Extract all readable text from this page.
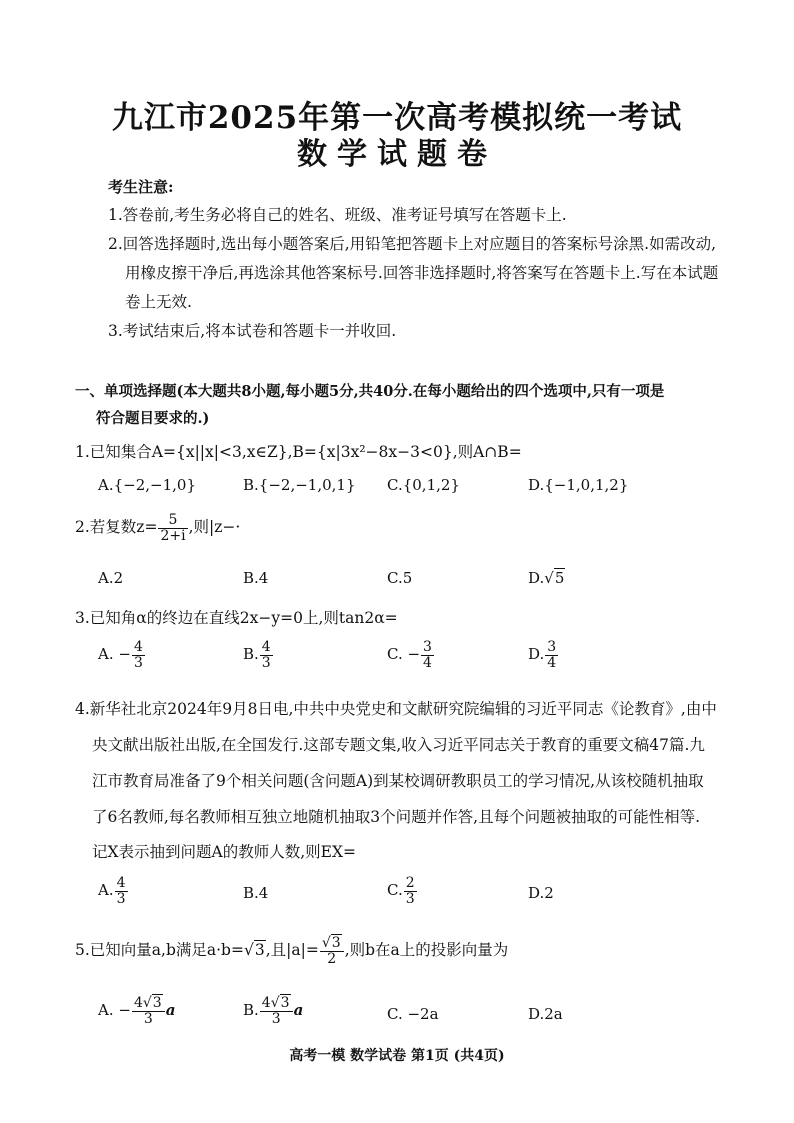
九江市2025年第一次高考模拟统一考试
数学试题卷
考生注意:
1.答卷前,考生务必将自己的姓名、班级、准考证号填写在答题卡上.
2.回答选择题时,选出每小题答案后,用铅笔把答题卡上对应题目的答案标号涂黑.如需改动,
用橡皮擦干净后,再选涂其他答案标号.回答非选择题时,将答案写在答题卡上.写在本试题
卷上无效.
3.考试结束后,将本试卷和答题卡一并收回.
一、单项选择题(本大题共8小题,每小题5分,共40分.在每小题给出的四个选项中,只有一项是
符合题目要求的.)
1.已知集合A={x||x|<3,x∈Z},B={x|3x²−8x−3<0},则A∩B=
A.{−2,−1,0}	B.{−2,−1,0,1} C.{0,1,2}	D.{−1,0,1,2}
2.若复数$z= \frac{5}{2+i}$ ,则|z−·
A.2	B.4	C.5	D.√5
3.已知角α的终边在直线2x−y=0上,则tan2α=
A. − $\frac{4}{3}$	B. $\frac{4}{3}$	C. − $\frac{3}{4}$	D. $\frac{3}{4}$
4.新华社北京2024年9月8日电,中共中央党史和文献研究院编辑的习近平同志《论教育》,由中
央文献出版社出版,在全国发行.这部专题文集,收入习近平同志关于教育的重要文稿47篇.九
江市教育局准备了9个相关问题(含问题A)到某校调研教职员工的学习情况,从该校随机抽取
了6名教师,每名教师相互独立地随机抽取3个问题并作答,且每个问题被抽取的可能性相等.
记X表示抽到问题A的教师人数,则EX=
A. $\frac{4}{3}$	B.4	C. $\frac{2}{3}$	D.2
5.已知向量a,b满足a·b=√3,且$|a|= \frac{√3}{2}$ ,则b在a上的投影向量为
A. − $\frac{4√3}{3}$ a	B. $\frac{4√3}{3}$ a	C. −2a	D.2a
高考一模 数学试卷 第1页 (共4页)
